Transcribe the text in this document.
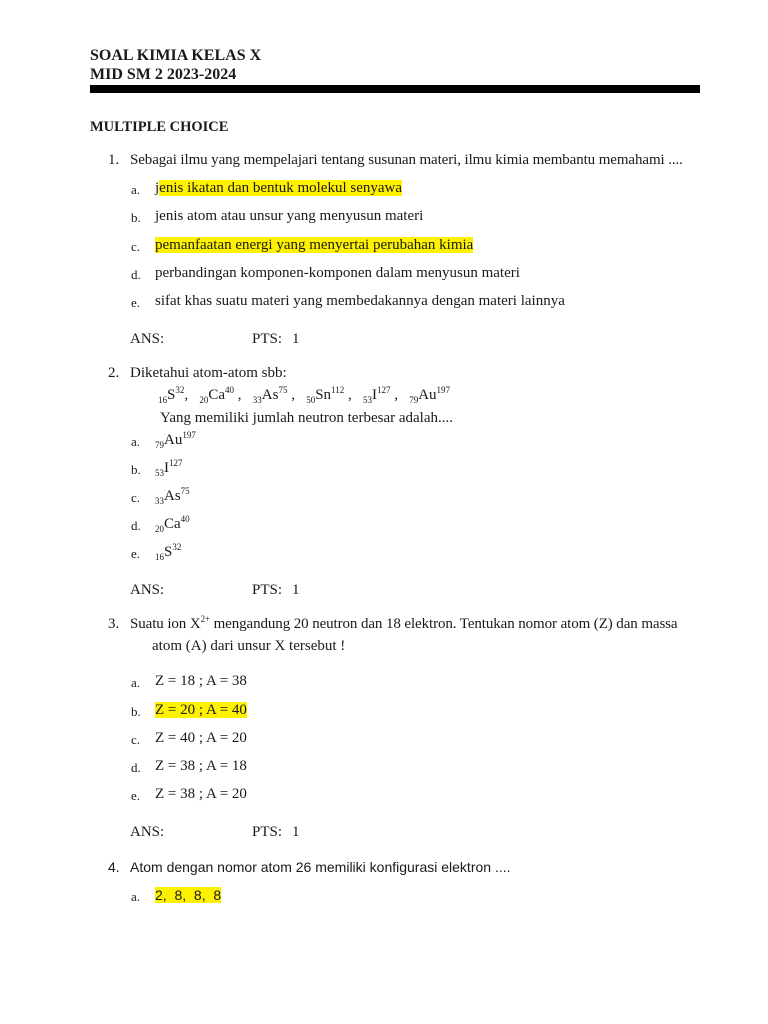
SOAL KIMIA KELAS X
MID SM 2 2023-2024
MULTIPLE CHOICE
1. Sebagai ilmu yang mempelajari tentang susunan materi, ilmu kimia membantu memahami ....
a. jenis ikatan dan bentuk molekul senyawa
b. jenis atom atau unsur yang menyusun materi
c. pemanfaatan energi yang menyertai perubahan kimia
d. perbandingan komponen-komponen dalam menyusun materi
e. sifat khas suatu materi yang membedakannya dengan materi lainnya
ANS:	PTS: 1
2. Diketahui atom-atom sbb:
$_{16}S^{32}$, $_{20}Ca^{40}$ , $_{33}As^{75}$ , $_{50}Sn^{112}$ , $_{53}I^{127}$ , $_{79}Au^{197}$
Yang memiliki jumlah neutron terbesar adalah....
a. $_{79}Au^{197}$
b. $_{53}I^{127}$
c. $_{33}As^{75}$
d. $_{20}Ca^{40}$
e. $_{16}S^{32}$
ANS:	PTS: 1
3. Suatu ion $X^{2+}$ mengandung 20 neutron dan 18 elektron. Tentukan nomor atom (Z) dan massa
atom (A) dari unsur X tersebut !
a. Z = 18 ; A = 38
b. Z = 20 ; A = 40
c. Z = 40 ; A = 20
d. Z = 38 ; A = 18
e. Z = 38 ; A = 20
ANS:	PTS: 1
4. Atom dengan nomor atom 26 memiliki konfigurasi elektron ....
a. 2,  8,  8,  8
